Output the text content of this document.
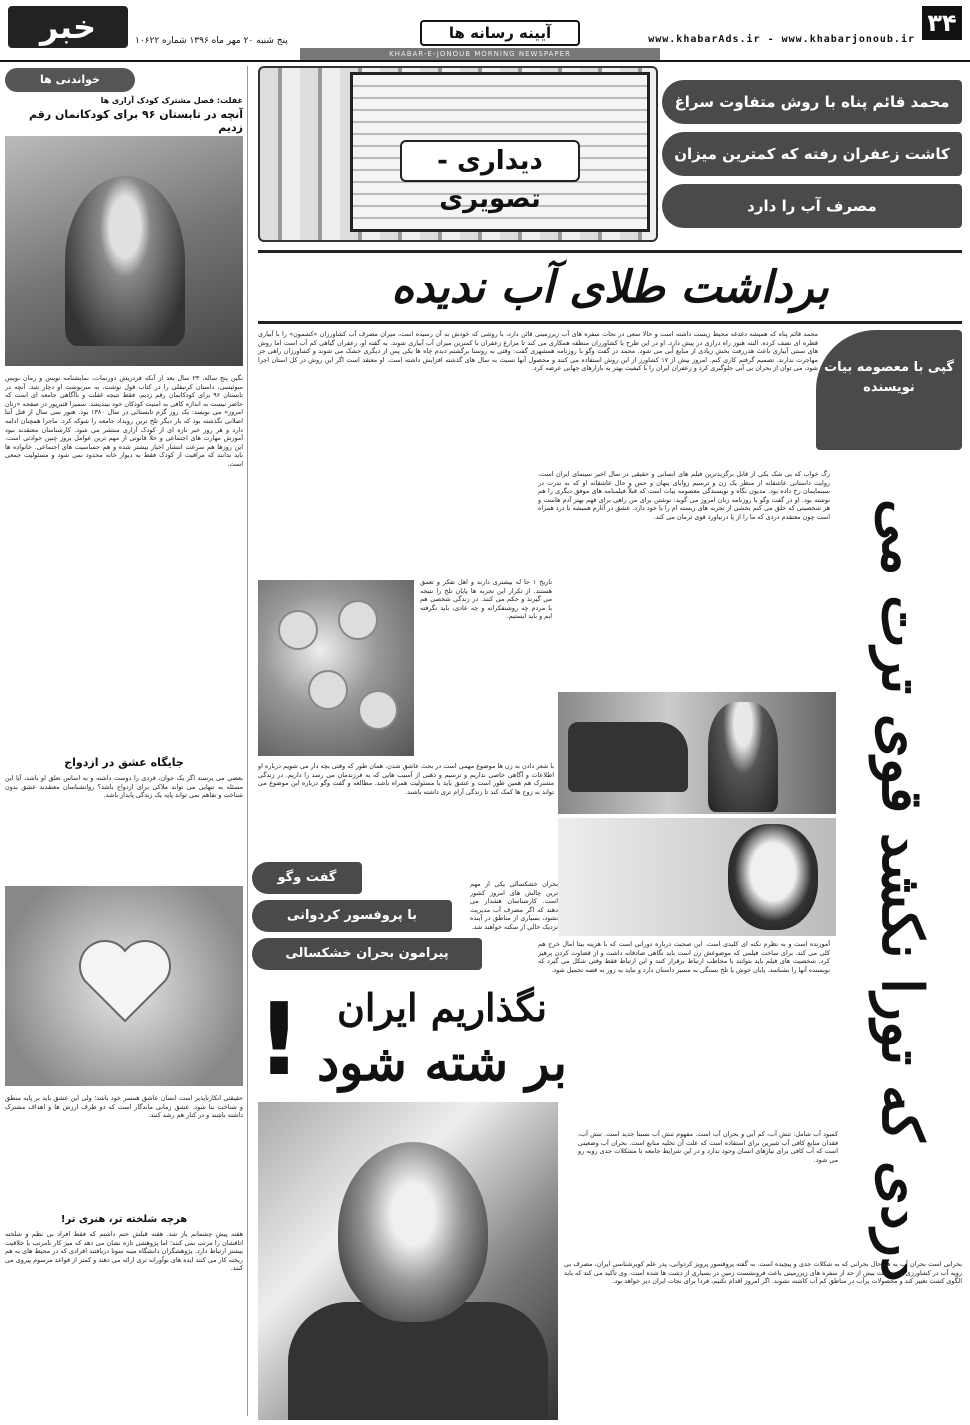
۳۴
www.khabarAds.ir - www.khabarjonoub.ir
آیینه رسانه ها
KHABAR-E-JONOUB MORNING NEWSPAPER
خبر	پنج شنبه ۲۰ مهر ماه ۱۳۹۶ شماره ۱۰۶۲۲
خواندنی ها
غفلت: فصل مشترک کودک آزاری ها
آنچه در تابستان ۹۶ برای کودکانمان رقم زدیم
نگین پنج ساله، ۲۳ سال بعد از آنکه فردریش دورنمات، نمایشنامه نویس و رمان نویس سوئیسی، داستان کرتیقلی را در کتاب قول نوشت، به سرنوشت او دچار شد. آنچه در تابستان ۹۶ برای کودکانمان رقم زدیم، فقط نتیجه غفلت و ناآگاهی جامعه ای است که حاضر نیست به اندازه کافی به امنیت کودکان خود بیندیشد. سمیرا قنبرپور در صفحه «زنان امروز» می نویسد: یک روز گرم تابستانی در سال ۱۳۸۰ بود. هنوز سی سال از قتل آتنا اصلانی نگذشته بود که بار دیگر تلخ ترین رویداد جامعه را شوکه کرد. ماجرا همچنان ادامه دارد و هر روز خبر تازه ای از کودک آزاری منتشر می شود. کارشناسان معتقدند نبود آموزش مهارت های اجتماعی و خلأ قانونی از مهم ترین عوامل بروز چنین حوادثی است. این روزها هم سرعت انتشار اخبار بیشتر شده و هم حساسیت های اجتماعی. خانواده ها باید بدانند که مراقبت از کودک فقط به دیوار خانه محدود نمی شود و مسئولیت جمعی است.
جایگاه عشق در ازدواج
بعضی می پرسند اگر یک جوان، فردی را دوست داشته و به اساس تعلق او باشد، آیا این مسئله به تنهایی می تواند ملاکی برای ازدواج باشد؟ روانشناسان معتقدند عشق بدون شناخت و تفاهم نمی تواند پایه یک زندگی پایدار باشد.
حقیقتی انکارناپذیر است انسان عاشق همسر خود باشد؛ ولی این عشق باید بر پایه منطق و شناخت بنا شود. عشق زمانی ماندگار است که دو طرف ارزش ها و اهداف مشترک داشته باشند و در کنار هم رشد کنند.
هرچه شلخته تر، هنری تر!
هفته پیش چشمانم باز شد. هفته قبلش حتم داشتم که فقط افراد بی نظم و شلخته اتاقشان را مرتب نمی کنند؛ اما پژوهشی تازه نشان می دهد که میز کار نامرتب با خلاقیت بیشتر ارتباط دارد. پژوهشگران دانشگاه مینه سوتا دریافتند افرادی که در محیط های به هم ریخته کار می کنند ایده های نوآورانه تری ارائه می دهند و کمتر از قواعد مرسوم پیروی می کنند.
محمد قائم پناه با روش متفاوت سراغ
کاشت زعفران رفته که کمترین میزان
مصرف آب را دارد
دیداری - تصویری
برداشت طلای آب ندیده
محمد قائم پناه که همیشه دغدغه محیط زیست داشته است و حالا سعی در نجات سفره های آب زیرزمینی قائن دارد، با روشی که خودش به آن رسیده است، میزان مصرف آب کشاورزان «کشمون» را با آبیاری قطره ای نصف کرده. البته هنوز راه درازی در پیش دارد. او در این طرح با کشاورزان منطقه همکاری می کند تا مزارع زعفران با کمترین میزان آب آبیاری شوند. به گفته او، زعفران گیاهی کم آب است اما روش های سنتی آبیاری باعث هدررفت بخش زیادی از منابع آبی می شود. محمد در گفت وگو با روزنامه همشهری گفت: وقتی به روستا برگشتم دیدم چاه ها یکی پس از دیگری خشک می شوند و کشاورزان راهی جز مهاجرت ندارند. تصمیم گرفتم کاری کنم. امروز بیش از ۱۷ کشاورز از این روش استفاده می کنند و محصول آنها نسبت به سال های گذشته افزایش داشته است. او معتقد است اگر این روش در کل استان اجرا شود، می توان از بحران بی آبی جلوگیری کرد و زعفران ایران را با کیفیت بهتر به بازارهای جهانی عرضه کرد.
تاریخ ۱ حا له بیشتری دارند و اهل تفکر و تعمق هستند. از تکرار این تجربه ها پایان تلخ را نتیجه می گیرند و حکم می کنند. در زندگی شخصی هم با مردم چه روشنفکرانه و چه عادی، باید نگرفته ایم و باید ایستیم.
با شعر دادن به زن ها موضوع مهمی است در بحث عاشق شدن. همان طور که وقتی بچه دار می شویم درباره او اطلاعات و آگاهی خاصی نداریم و ترسیم و ذهنی از آسیب هایی که به فرزندمان می رسد را داریم. در زندگی مشترک هم همین طور است و عشق باید با مسئولیت همراه باشد. مطالعه و گفت وگو درباره این موضوع می تواند به زوج ها کمک کند تا زندگی آرام تری داشته باشند.
گپی با معصومه بیات نویسنده
دردی که تورا نکشد قوی ترت می
رگ خواب که بی شک یکی از قابل برگزیدترین فیلم های انسانی و حقیقی در سال اخیر سینمای ایران است، روایت داستانی عاشقانه از منظر یک زن و ترسیم زوایای پنهان و حس و حال عاشقانه او که به ندرت در سینمایمان رخ داده بود. مدیون نگاه و نویسندگی معصومه بیات است که قبلاً فیلمنامه های موفق دیگری را هم نوشته بود. او در گفت وگو با روزنامه زنان امروز می گوید: نوشتن برای من راهی برای فهم بهتر آدم هاست و هر شخصیتی که خلق می کنم بخشی از تجربه های زیسته ام را با خود دارد. عشق در آثارم همیشه با درد همراه است چون معتقدم دردی که ما را از پا درنیاورد قوی ترمان می کند.
آموزنده است و به نظرم نکته ای کلیدی است. این صحبت درباره دورانی است که با هزینه بیتا امال خرج هم کلی می کند. برای ساخت فیلمی که موضوعش زن است باید نگاهی صادقانه داشت و از قضاوت کردن پرهیز کرد. شخصیت های فیلم باید بتوانند با مخاطب ارتباط برقرار کنند و این ارتباط فقط وقتی شکل می گیرد که نویسنده آنها را بشناسد. پایان خوش یا تلخ بستگی به مسیر داستان دارد و نباید به زور به قصه تحمیل شود.
گفت وگو
با پروفسور کردوانی
پیرامون بحران خشکسالی
بحران خشکسالی یکی از مهم ترین چالش های امروز کشور است. کارشناسان هشدار می دهند که اگر مصرف آب مدیریت نشود، بسیاری از مناطق در آینده نزدیک خالی از سکنه خواهند شد.
! نگذاریم ایران
بر شته شود
کمبود آب شامل: تنش آب، کم آبی و بحران آب است. مفهوم تنش آب نسبتا جدید است. تنش آب، فقدان منابع کافی آب شیرین برای استفاده است که علت آن تخلیه منابع است. بحران آب وضعیتی است که آب کافی برای نیازهای انسان وجود ندارد و در این شرایط جامعه با مشکلات جدی روبه رو می شود.
بحرانی است بحران آب به هر حال بحرانی که به شکلات جدی و پیچیده است. به گفته پروفسور پرویز کردوانی، پدر علم کویرشناسی ایران، مصرف بی رویه آب در کشاورزی و برداشت بیش از حد از سفره های زیرزمینی باعث فرونشست زمین در بسیاری از دشت ها شده است. وی تأکید می کند که باید الگوی کشت تغییر کند و محصولات پرآب در مناطق کم آب کاشته نشوند. اگر امروز اقدام نکنیم، فردا برای نجات ایران دیر خواهد بود.
